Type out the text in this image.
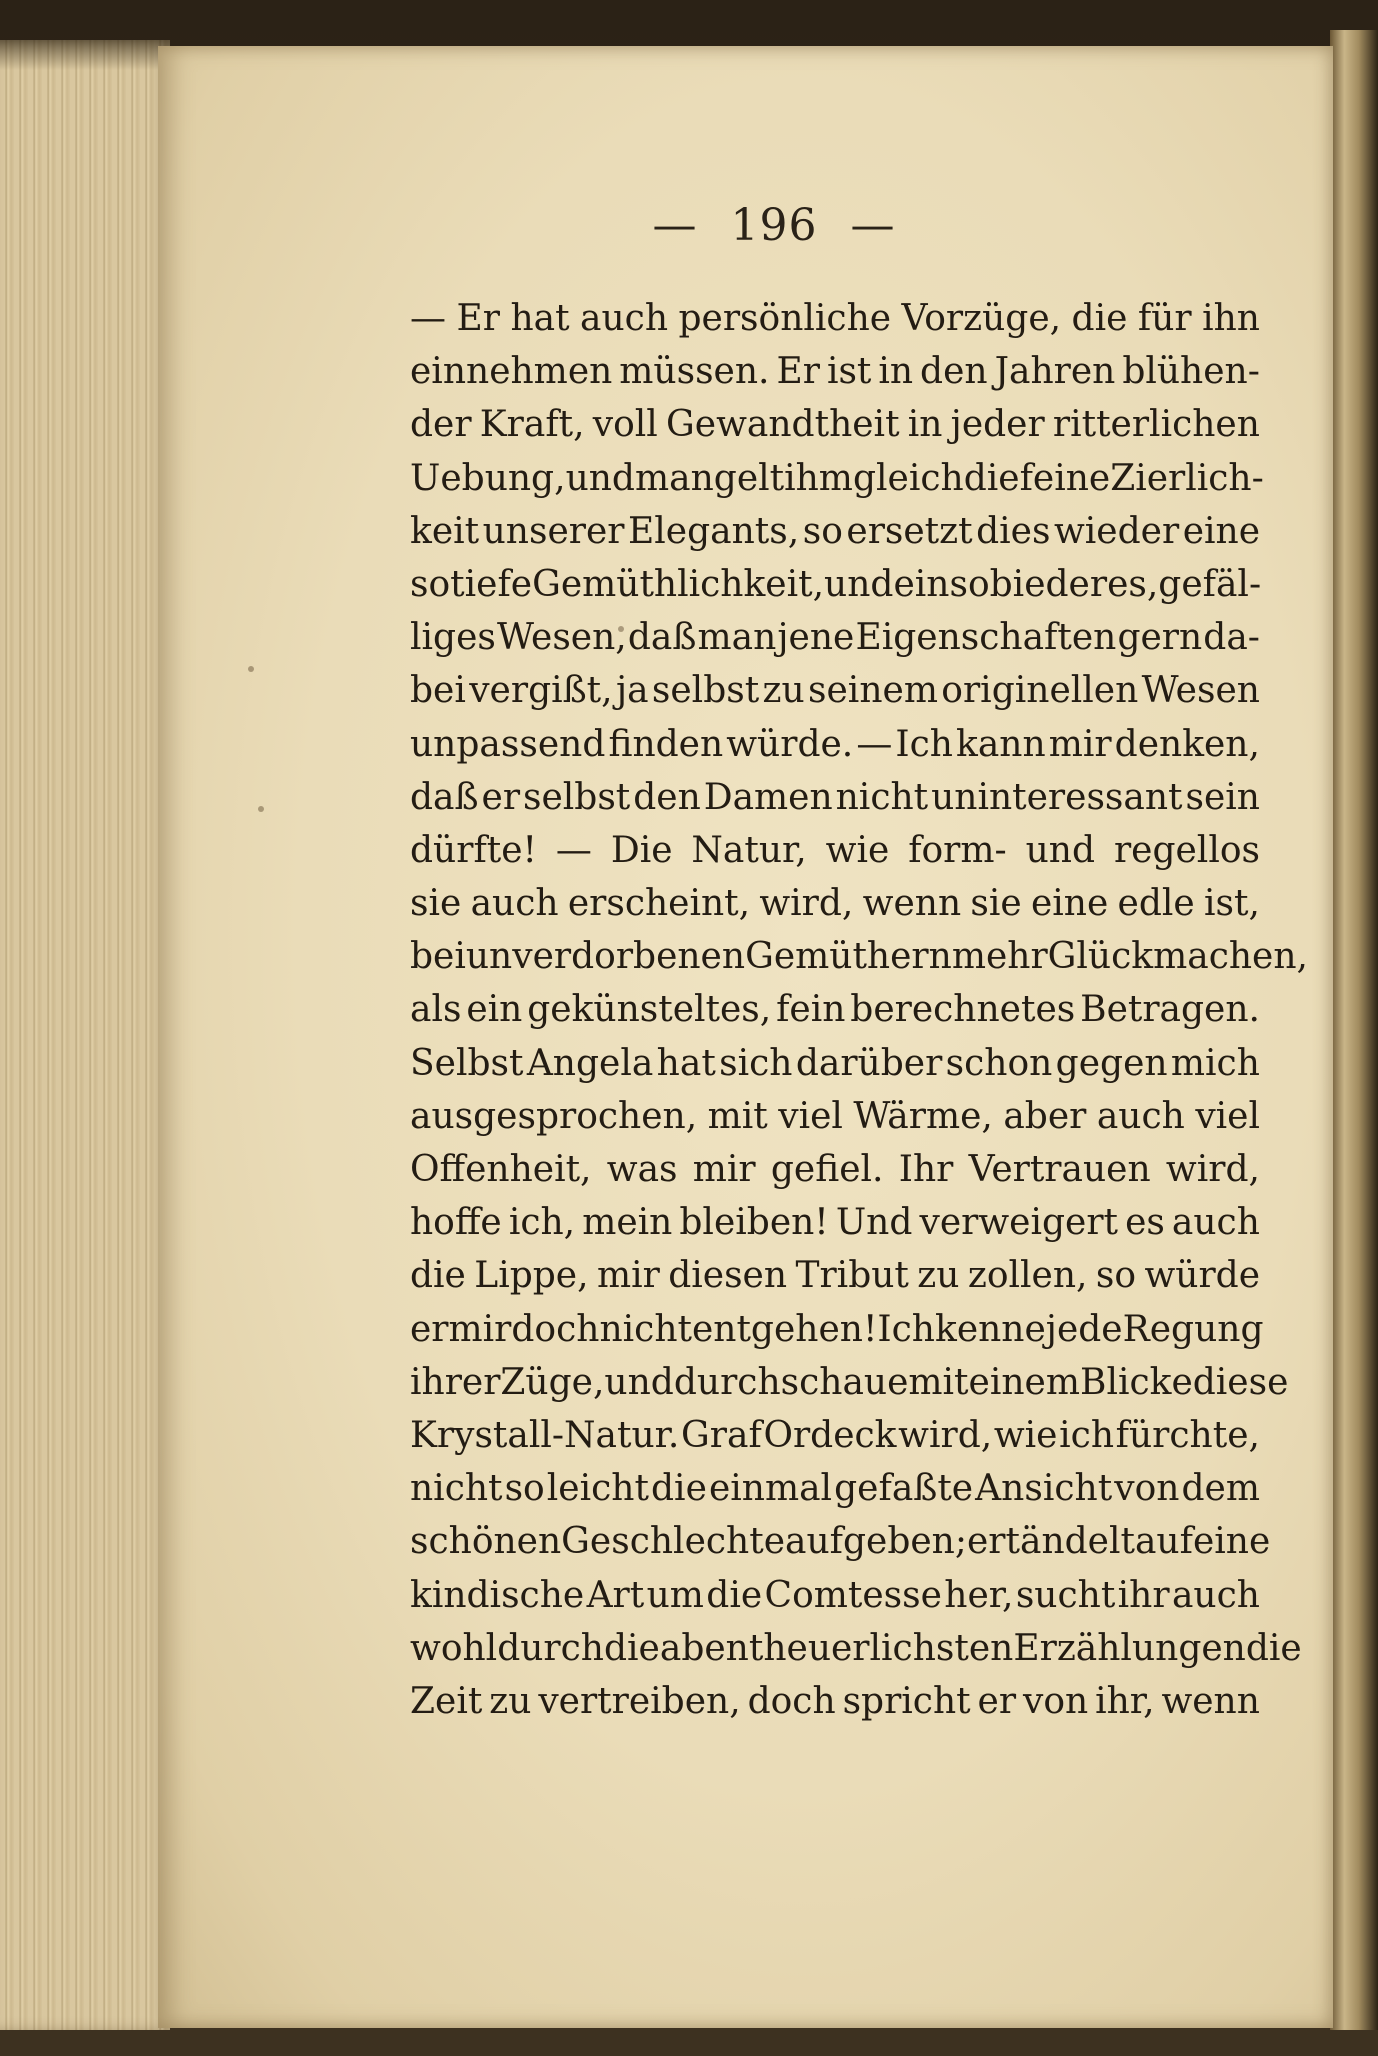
— 196 —
— Er hat auch persönliche Vorzüge, die für ihn
einnehmen müssen. Er ist in den Jahren blühen-
der Kraft, voll Gewandtheit in jeder ritterlichen
Uebung, und mangelt ihm gleich die feine Zierlich-
keit unserer Elegants, so ersetzt dies wieder eine
so tiefe Gemüthlichkeit, und ein so biederes, gefäl-
liges Wesen, daß man jene Eigenschaften gern da-
bei vergißt, ja selbst zu seinem originellen Wesen
unpassend finden würde. — Ich kann mir denken,
daß er selbst den Damen nicht uninteressant sein
dürfte! — Die Natur, wie form- und regellos
sie auch erscheint, wird, wenn sie eine edle ist,
bei unverdorbenen Gemüthern mehr Glück machen,
als ein gekünsteltes, fein berechnetes Betragen.
Selbst Angela hat sich darüber schon gegen mich
ausgesprochen, mit viel Wärme, aber auch viel
Offenheit, was mir gefiel. Ihr Vertrauen wird,
hoffe ich, mein bleiben! Und verweigert es auch
die Lippe, mir diesen Tribut zu zollen, so würde
er mir doch nicht entgehen! Ich kenne jede Regung
ihrer Züge, und durchschaue mit einem Blicke diese
Krystall-Natur. Graf Ordeck wird, wie ich fürchte,
nicht so leicht die einmal gefaßte Ansicht von dem
schönen Geschlechte aufgeben; er tändelt auf eine
kindische Art um die Comtesse her, sucht ihr auch
wohl durch die abentheuerlichsten Erzählungen die
Zeit zu vertreiben, doch spricht er von ihr, wenn
